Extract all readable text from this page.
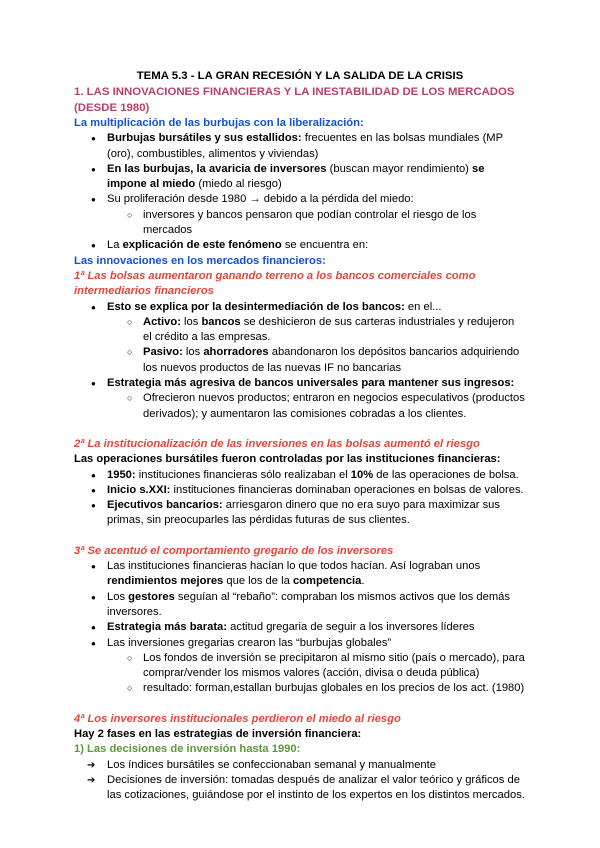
TEMA 5.3 - LA GRAN RECESIÓN Y LA SALIDA DE LA CRISIS

1. LAS INNOVACIONES FINANCIERAS Y LA INESTABILIDAD DE LOS MERCADOS (DESDE 1980)

La multiplicación de las burbujas con la liberalización:

● Burbujas bursátiles y sus estallidos: frecuentes en las bolsas mundiales (MP (oro), combustibles, alimentos y viviendas)
● En las burbujas, la avaricia de inversores (buscan mayor rendimiento) se impone al miedo (miedo al riesgo)
● Su proliferación desde 1980 → debido a la pérdida del miedo:
○ inversores y bancos pensaron que podían controlar el riesgo de los mercados
● La explicación de este fenómeno se encuentra en:

Las innovaciones en los mercados financieros:

1ª Las bolsas aumentaron ganando terreno a los bancos comerciales como intermediarios financieros

● Esto se explica por la desintermediación de los bancos: en el...
○ Activo: los bancos se deshicieron de sus carteras industriales y redujeron el crédito a las empresas.
○ Pasivo: los ahorradores abandonaron los depósitos bancarios adquiriendo los nuevos productos de las nuevas IF no bancarias
● Estrategia más agresiva de bancos universales para mantener sus ingresos:
○ Ofrecieron nuevos productos; entraron en negocios especulativos (productos derivados); y aumentaron las comisiones cobradas a los clientes.

2ª La institucionalización de las inversiones en las bolsas aumentó el riesgo

Las operaciones bursátiles fueron controladas por las instituciones financieras:

● 1950: instituciones financieras sólo realizaban el 10% de las operaciones de bolsa.
● Inicio s.XXI: instituciones financieras dominaban operaciones en bolsas de valores.
● Ejecutivos bancarios: arriesgaron dinero que no era suyo para maximizar sus primas, sin preocuparles las pérdidas futuras de sus clientes.

3ª Se acentuó el comportamiento gregario de los inversores

● Las instituciones financieras hacían lo que todos hacían. Así lograban unos rendimientos mejores que los de la competencia.
● Los gestores seguían al “rebaño”: compraban los mismos activos que los demás inversores.
● Estrategia más barata: actitud gregaria de seguir a los inversores líderes
● Las inversiones gregarias crearon las “burbujas globales”
○ Los fondos de inversión se precipitaron al mismo sitio (país o mercado), para comprar/vender los mismos valores (acción, divisa o deuda pública)
○ resultado: forman,estallan burbujas globales en los precios de los act. (1980)

4ª Los inversores institucionales perdieron el miedo al riesgo

Hay 2 fases en las estrategias de inversión financiera:

1) Las decisiones de inversión hasta 1990:

➔ Los índices bursátiles se confeccionaban semanal y manualmente
➔ Decisiones de inversión: tomadas después de analizar el valor teórico y gráficos de las cotizaciones, guiándose por el instinto de los expertos en los distintos mercados.
